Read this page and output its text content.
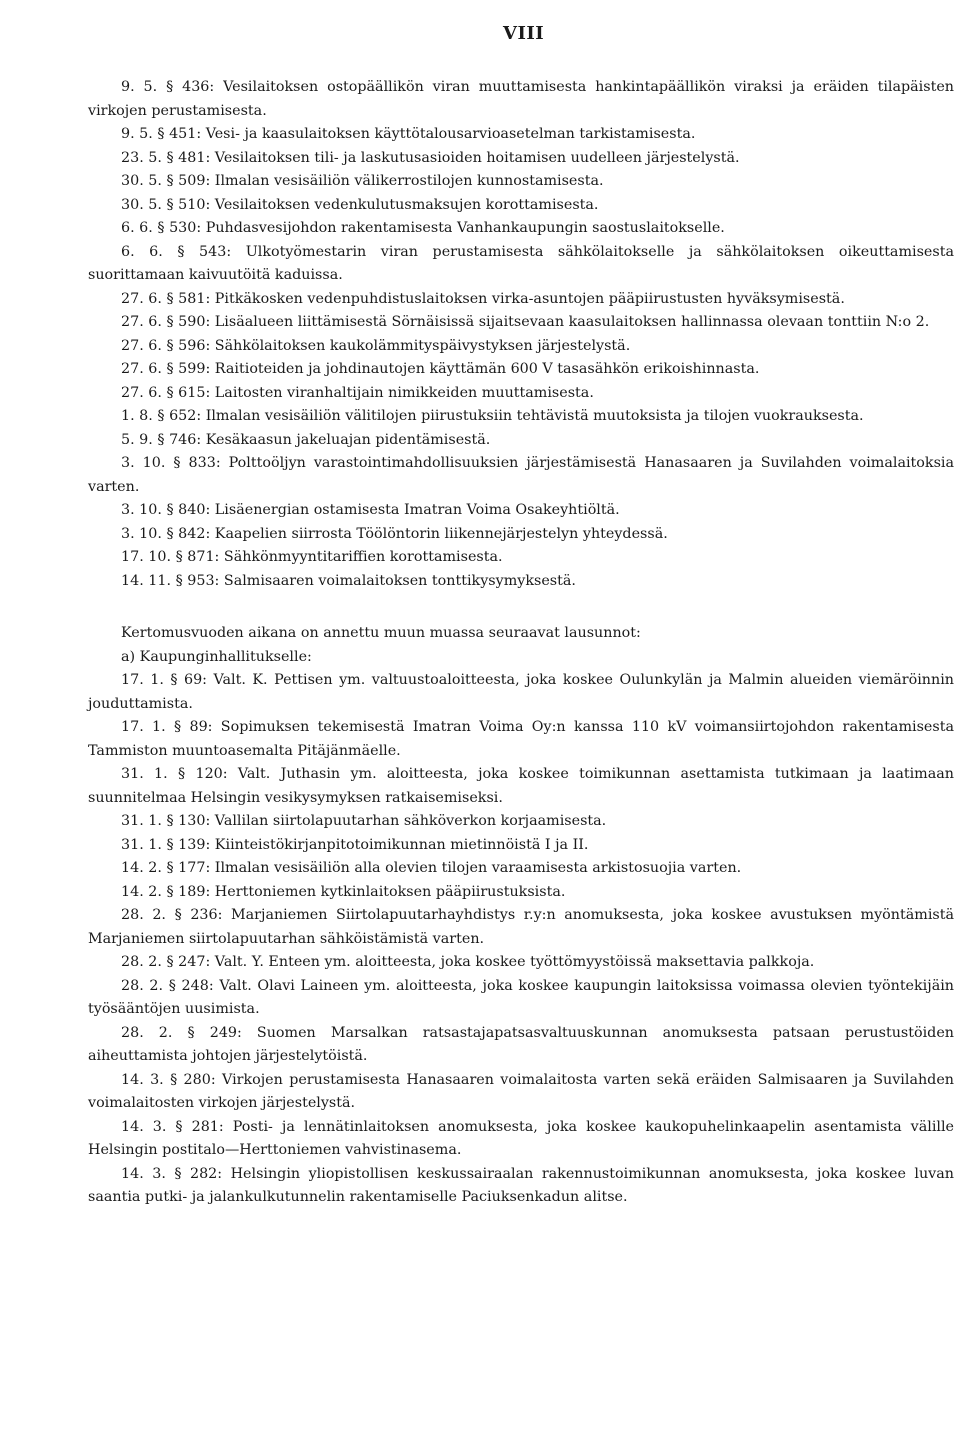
VIII

9. 5. § 436: Vesilaitoksen ostopäällikön viran muuttamisesta hankintapäällikön viraksi ja eräiden tilapäisten virkojen perustamisesta.

9. 5. § 451: Vesi- ja kaasulaitoksen käyttötalousarvioasetelman tarkistamisesta.

23. 5. § 481: Vesilaitoksen tili- ja laskutusasioiden hoitamisen uudelleen järjestelystä.

30. 5. § 509: Ilmalan vesisäiliön välikerrostilojen kunnostamisesta.

30. 5. § 510: Vesilaitoksen vedenkulutusmaksujen korottamisesta.

6. 6. § 530: Puhdasvesijohdon rakentamisesta Vanhankaupungin saostuslaitokselle.

6. 6. § 543: Ulkotyömestarin viran perustamisesta sähkölaitokselle ja sähkölaitoksen oikeuttamisesta suorittamaan kaivuutöitä kaduissa.

27. 6. § 581: Pitkäkosken vedenpuhdistuslaitoksen virka-asuntojen pääpiirustusten hyväksymisestä.

27. 6. § 590: Lisäalueen liittämisestä Sörnäisissä sijaitsevaan kaasulaitoksen hallinnassa olevaan tonttiin N:o 2.

27. 6. § 596: Sähkölaitoksen kaukolämmityspäivystyksen järjestelystä.

27. 6. § 599: Raitioteiden ja johdinautojen käyttämän 600 V tasasähkön erikoishinnasta.

27. 6. § 615: Laitosten viranhaltijain nimikkeiden muuttamisesta.

1. 8. § 652: Ilmalan vesisäiliön välitilojen piirustuksiin tehtävistä muutoksista ja tilojen vuokrauksesta.

5. 9. § 746: Kesäkaasun jakeluajan pidentämisestä.

3. 10. § 833: Polttoöljyn varastointimahdollisuuksien järjestämisestä Hanasaaren ja Suvilahden voimalaitoksia varten.

3. 10. § 840: Lisäenergian ostamisesta Imatran Voima Osakeyhtiöltä.

3. 10. § 842: Kaapelien siirrosta Töölöntorin liikennejärjestelyn yhteydessä.

17. 10. § 871: Sähkönmyyntitariffien korottamisesta.

14. 11. § 953: Salmisaaren voimalaitoksen tonttikysymyksestä.

Kertomusvuoden aikana on annettu muun muassa seuraavat lausunnot:

a) Kaupunginhallitukselle:

17. 1. § 69: Valt. K. Pettisen ym. valtuustoaloitteesta, joka koskee Oulunkylän ja Malmin alueiden viemäröinnin jouduttamista.

17. 1. § 89: Sopimuksen tekemisestä Imatran Voima Oy:n kanssa 110 kV voimansiirtojohdon rakentamisesta Tammiston muuntoasemalta Pitäjänmäelle.

31. 1. § 120: Valt. Juthasin ym. aloitteesta, joka koskee toimikunnan asettamista tutkimaan ja laatimaan suunnitelmaa Helsingin vesikysymyksen ratkaisemiseksi.

31. 1. § 130: Vallilan siirtolapuutarhan sähköverkon korjaamisesta.

31. 1. § 139: Kiinteistökirjanpitotoimikunnan mietinnöistä I ja II.

14. 2. § 177: Ilmalan vesisäiliön alla olevien tilojen varaamisesta arkistosuojia varten.

14. 2. § 189: Herttoniemen kytkinlaitoksen pääpiirustuksista.

28. 2. § 236: Marjaniemen Siirtolapuutarhayhdistys r.y:n anomuksesta, joka koskee avustuksen myöntämistä Marjaniemen siirtolapuutarhan sähköistämistä varten.

28. 2. § 247: Valt. Y. Enteen ym. aloitteesta, joka koskee työttömyystöissä maksettavia palkkoja.

28. 2. § 248: Valt. Olavi Laineen ym. aloitteesta, joka koskee kaupungin laitoksissa voimassa olevien työntekijäin työsääntöjen uusimista.

28. 2. § 249: Suomen Marsalkan ratsastajapatsasvaltuuskunnan anomuksesta patsaan perustustöiden aiheuttamista johtojen järjestelytöistä.

14. 3. § 280: Virkojen perustamisesta Hanasaaren voimalaitosta varten sekä eräiden Salmisaaren ja Suvilahden voimalaitosten virkojen järjestelystä.

14. 3. § 281: Posti- ja lennätinlaitoksen anomuksesta, joka koskee kaukopuhelinkaapelin asentamista välille Helsingin postitalo—Herttoniemen vahvistinasema.

14. 3. § 282: Helsingin yliopistollisen keskussairaalan rakennustoimikunnan anomuksesta, joka koskee luvan saantia putki- ja jalankulkutunnelin rakentamiselle Paciuksenkadun alitse.
